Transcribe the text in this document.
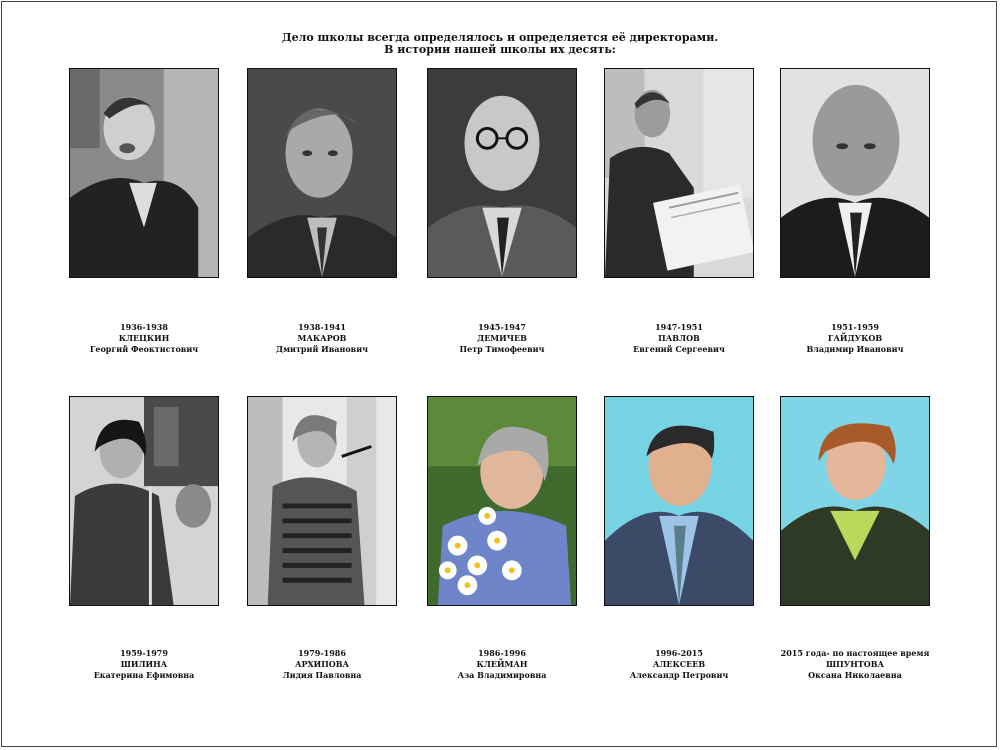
Дело школы всегда определялось и определяется её директорами.
В истории нашей школы их десять:
1936-1938
КЛЕЦКИН
Георгий Феоктистович
1938-1941
МАКАРОВ
Дмитрий Иванович
1945-1947
ДЕМИЧЕВ
Петр Тимофеевич
1947-1951
ПАВЛОВ
Евгений Сергеевич
1951-1959
ГАЙДУКОВ
Владимир Иванович
1959-1979
ШИЛИНА
Екатерина Ефимовна
1979-1986
АРХИПОВА
Лидия Павловна
1986-1996
КЛЕЙМАН
Аза Владимировна
1996-2015
АЛЕКСЕЕВ
Александр Петрович
2015 года- по настоящее время
ШПУНТОВА
Оксана Николаевна
